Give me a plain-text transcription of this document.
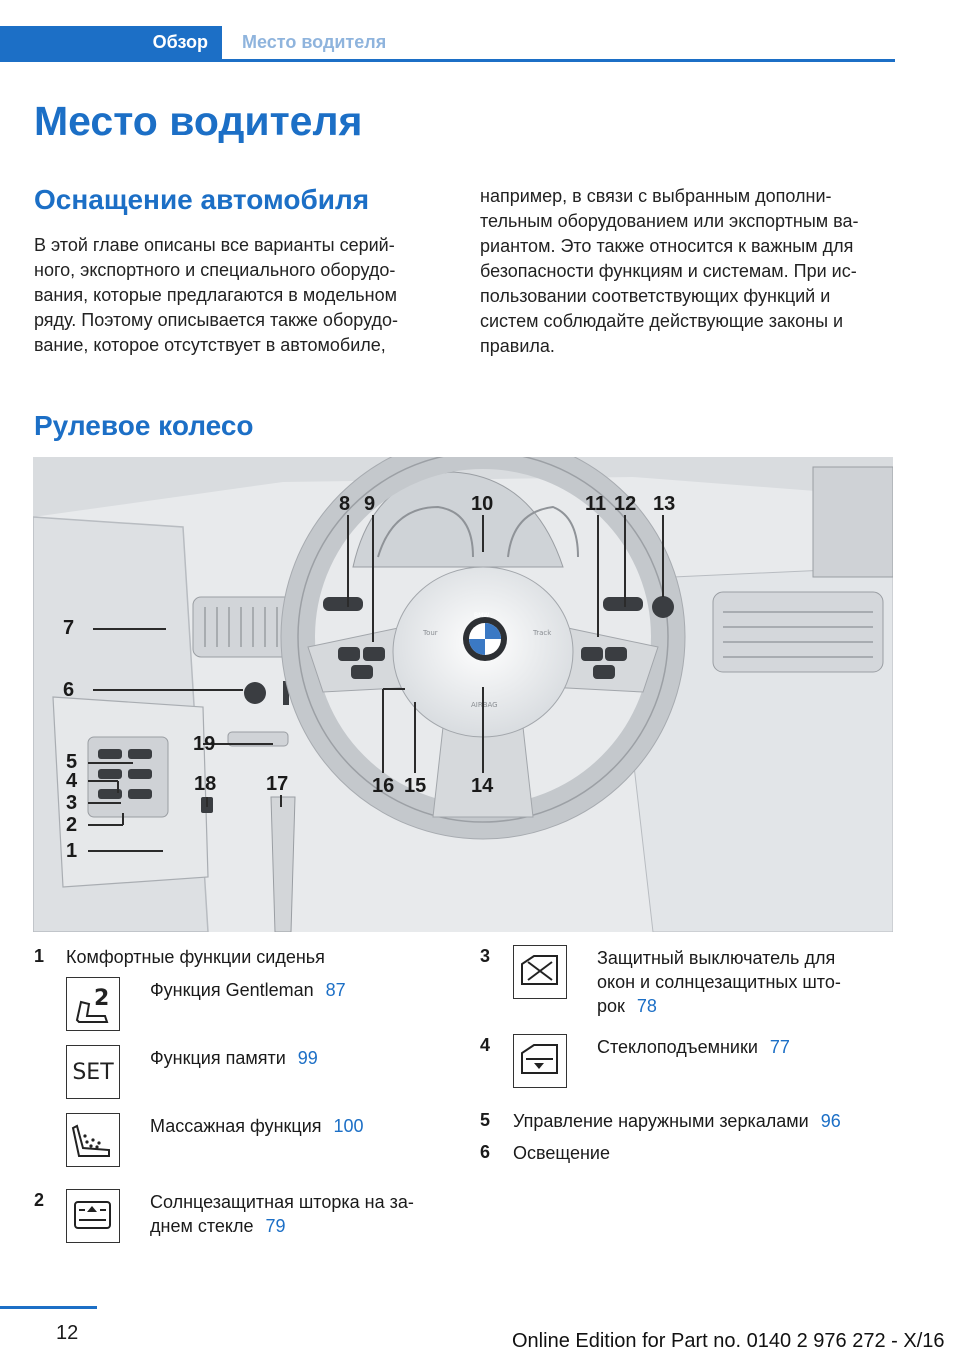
Обзор	Место водителя
Место водителя
Оснащение автомобиля
В этой главе описаны все варианты серий-
ного, экспортного и специального оборудо-
вания, которые предлагаются в модельном
ряду. Поэтому описывается также оборудо-
вание, которое отсутствует в автомобиле,
например, в связи с выбранным дополни-
тельным оборудованием или экспортным ва-
риантом. Это также относится к важным для
безопасности функциям и системам. При ис-
пользовании соответствующих функций и
систем соблюдайте действующие законы и
правила.
Рулевое колесо
BMW
Tour	Track
AIRBAG
7
6
5
4
3
2
1
19
18 17
8 9	10	11 12 13
14
15
16
1 Комфортные функции сиденья
2 Функция Gentleman 87
SET
Функция памяти 99
Массажная функция 100
2	Солнцезащитная шторка на за-
днем стекле 79
3	Защитный выключатель для
окон и солнцезащитных што-
рок 78
4	Стеклоподъемники 77
5 Управление наружными зеркалами 96
6 Освещение
12	Online Edition for Part no. 0140 2 976 272 - X/16
